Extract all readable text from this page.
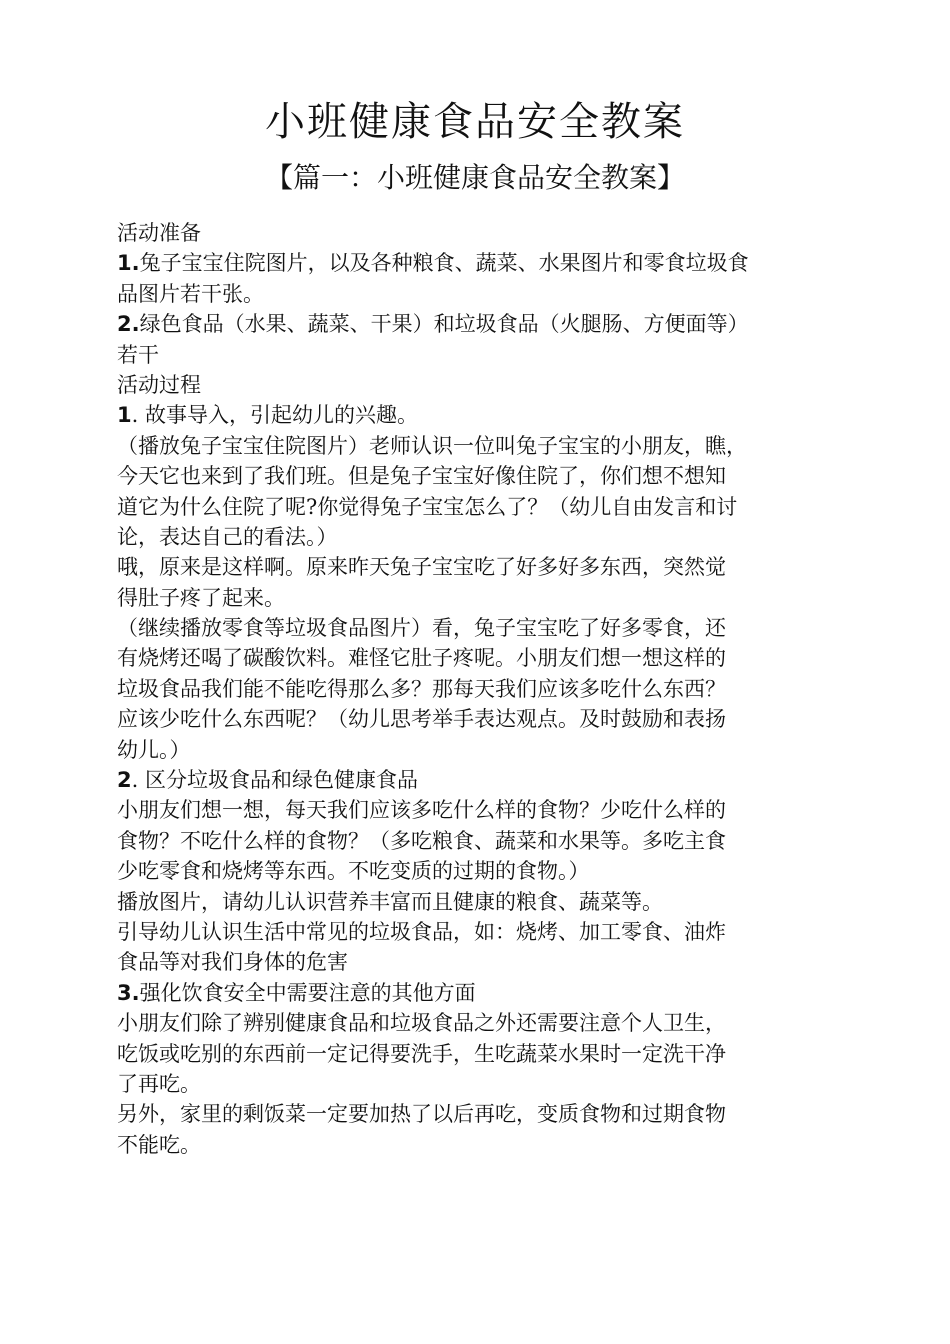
小班健康食品安全教案
【篇一：小班健康食品安全教案】
活动准备
1.兔子宝宝住院图片，以及各种粮食、蔬菜、水果图片和零食垃圾食
品图片若干张。
2.绿色食品（水果、蔬菜、干果）和垃圾食品（火腿肠、方便面等）
若干
活动过程
1. 故事导入，引起幼儿的兴趣。
（播放兔子宝宝住院图片）老师认识一位叫兔子宝宝的小朋友，瞧，
今天它也来到了我们班。但是兔子宝宝好像住院了，你们想不想知
道它为什么住院了呢?你觉得兔子宝宝怎么了？（幼儿自由发言和讨
论，表达自己的看法。）
哦，原来是这样啊。原来昨天兔子宝宝吃了好多好多东西，突然觉
得肚子疼了起来。
（继续播放零食等垃圾食品图片）看，兔子宝宝吃了好多零食，还
有烧烤还喝了碳酸饮料。难怪它肚子疼呢。小朋友们想一想这样的
垃圾食品我们能不能吃得那么多？那每天我们应该多吃什么东西？
应该少吃什么东西呢？（幼儿思考举手表达观点。及时鼓励和表扬
幼儿。）
2. 区分垃圾食品和绿色健康食品
小朋友们想一想，每天我们应该多吃什么样的食物？少吃什么样的
食物？不吃什么样的食物？（多吃粮食、蔬菜和水果等。多吃主食
少吃零食和烧烤等东西。不吃变质的过期的食物。）
播放图片，请幼儿认识营养丰富而且健康的粮食、蔬菜等。
引导幼儿认识生活中常见的垃圾食品，如：烧烤、加工零食、油炸
食品等对我们身体的危害
3.强化饮食安全中需要注意的其他方面
小朋友们除了辨别健康食品和垃圾食品之外还需要注意个人卫生，
吃饭或吃别的东西前一定记得要洗手，生吃蔬菜水果时一定洗干净
了再吃。
另外，家里的剩饭菜一定要加热了以后再吃，变质食物和过期食物
不能吃。
